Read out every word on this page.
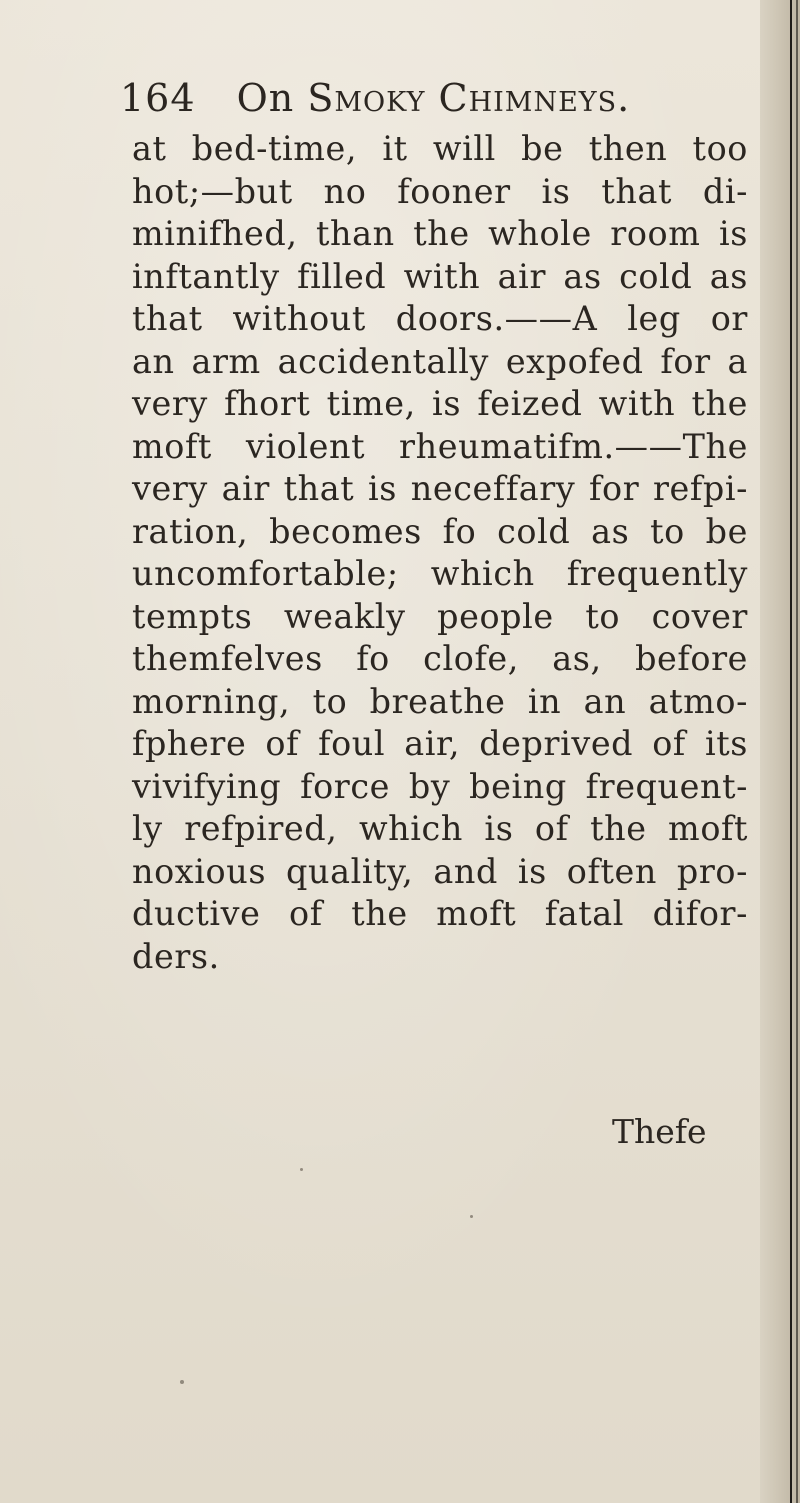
164 On Smoky Chimneys.
at bed-time, it will be then too
hot;—but no fooner is that di-
minifhed, than the whole room is
inftantly filled with air as cold as
that without doors.——A leg or
an arm accidentally expofed for a
very fhort time, is feized with the
moft violent rheumatifm.——The
very air that is neceffary for refpi-
ration, becomes fo cold as to be
uncomfortable; which frequently
tempts weakly people to cover
themfelves fo clofe, as, before
morning, to breathe in an atmo-
fphere of foul air, deprived of its
vivifying force by being frequent-
ly refpired, which is of the moft
noxious quality, and is often pro-
ductive of the moft fatal difor-
ders.
Thefe
